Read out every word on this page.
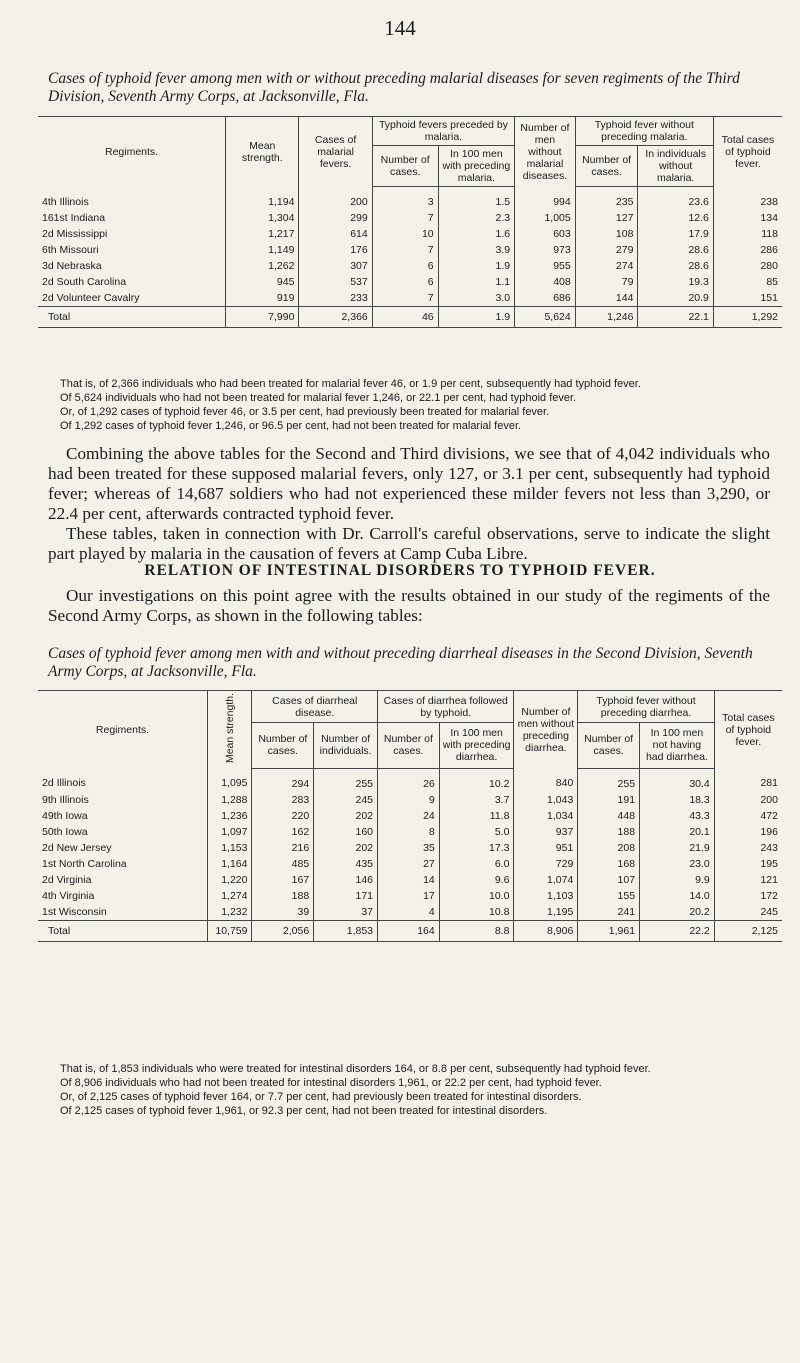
144
Cases of typhoid fever among men with or without preceding malarial diseases for seven regiments of the Third Division, Seventh Army Corps, at Jacksonville, Fla.
Regiments.	Mean strength.	Cases of malarial fevers.	Typhoid fevers preceded by malaria.		Number of men without malarial diseases.	Typhoid fever without preceding malaria.		Total cases of typhoid fever.
			Number of cases.	In 100 men with preceding malaria.		Number of cases.	In individuals without malaria.	
4th Illinois	1,194	200	3	1.5	994	235	23.6	238
161st Indiana	1,304	299	7	2.3	1,005	127	12.6	134
2d Mississippi	1,217	614	10	1.6	603	108	17.9	118
6th Missouri	1,149	176	7	3.9	973	279	28.6	286
3d Nebraska	1,262	307	6	1.9	955	274	28.6	280
2d South Carolina	945	537	6	1.1	408	79	19.3	85
2d Volunteer Cavalry	919	233	7	3.0	686	144	20.9	151
Total	7,990	2,366	46	1.9	5,624	1,246	22.1	1,292

That is, of 2,366 individuals who had been treated for malarial fever 46, or 1.9 per cent, subsequently had typhoid fever.

Of 5,624 individuals who had not been treated for malarial fever 1,246, or 22.1 per cent, had typhoid fever.

Or, of 1,292 cases of typhoid fever 46, or 3.5 per cent, had previously been treated for malarial fever.

Of 1,292 cases of typhoid fever 1,246, or 96.5 per cent, had not been treated for malarial fever.

Combining the above tables for the Second and Third divisions, we see that of 4,042 individuals who had been treated for these supposed malarial fevers, only 127, or 3.1 per cent, subsequently had typhoid fever; whereas of 14,687 soldiers who had not experienced these milder fevers not less than 3,290, or 22.4 per cent, afterwards contracted typhoid fever.

These tables, taken in connection with Dr. Carroll's careful observations, serve to indicate the slight part played by malaria in the causation of fevers at Camp Cuba Libre.

RELATION OF INTESTINAL DISORDERS TO TYPHOID FEVER.
Our investigations on this point agree with the results obtained in our study of the regiments of the Second Army Corps, as shown in the following tables:
Cases of typhoid fever among men with and without preceding diarrheal diseases in the Second Division, Seventh Army Corps, at Jacksonville, Fla.
Regiments.	Mean strength.	Cases of diarrheal disease.		Cases of diarrhea followed by typhoid.		Number of men without preceding diarrhea.	Typhoid fever without preceding diarrhea.		Total cases of typhoid fever.
		Number of cases.	Number of individuals.	Number of cases.	In 100 men with preceding diarrhea.		Number of cases.	In 100 men not having had diarrhea.	
2d Illinois	1,095	294	255	26	10.2	840	255	30.4	281
9th Illinois	1,288	283	245	9	3.7	1,043	191	18.3	200
49th Iowa	1,236	220	202	24	11.8	1,034	448	43.3	472
50th Iowa	1,097	162	160	8	5.0	937	188	20.1	196
2d New Jersey	1,153	216	202	35	17.3	951	208	21.9	243
1st North Carolina	1,164	485	435	27	6.0	729	168	23.0	195
2d Virginia	1,220	167	146	14	9.6	1,074	107	9.9	121
4th Virginia	1,274	188	171	17	10.0	1,103	155	14.0	172
1st Wisconsin	1,232	39	37	4	10.8	1,195	241	20.2	245
Total	10,759	2,056	1,853	164	8.8	8,906	1,961	22.2	2,125

That is, of 1,853 individuals who were treated for intestinal disorders 164, or 8.8 per cent, subsequently had typhoid fever.

Of 8,906 individuals who had not been treated for intestinal disorders 1,961, or 22.2 per cent, had typhoid fever.

Or, of 2,125 cases of typhoid fever 164, or 7.7 per cent, had previously been treated for intestinal disorders.

Of 2,125 cases of typhoid fever 1,961, or 92.3 per cent, had not been treated for intestinal disorders.
